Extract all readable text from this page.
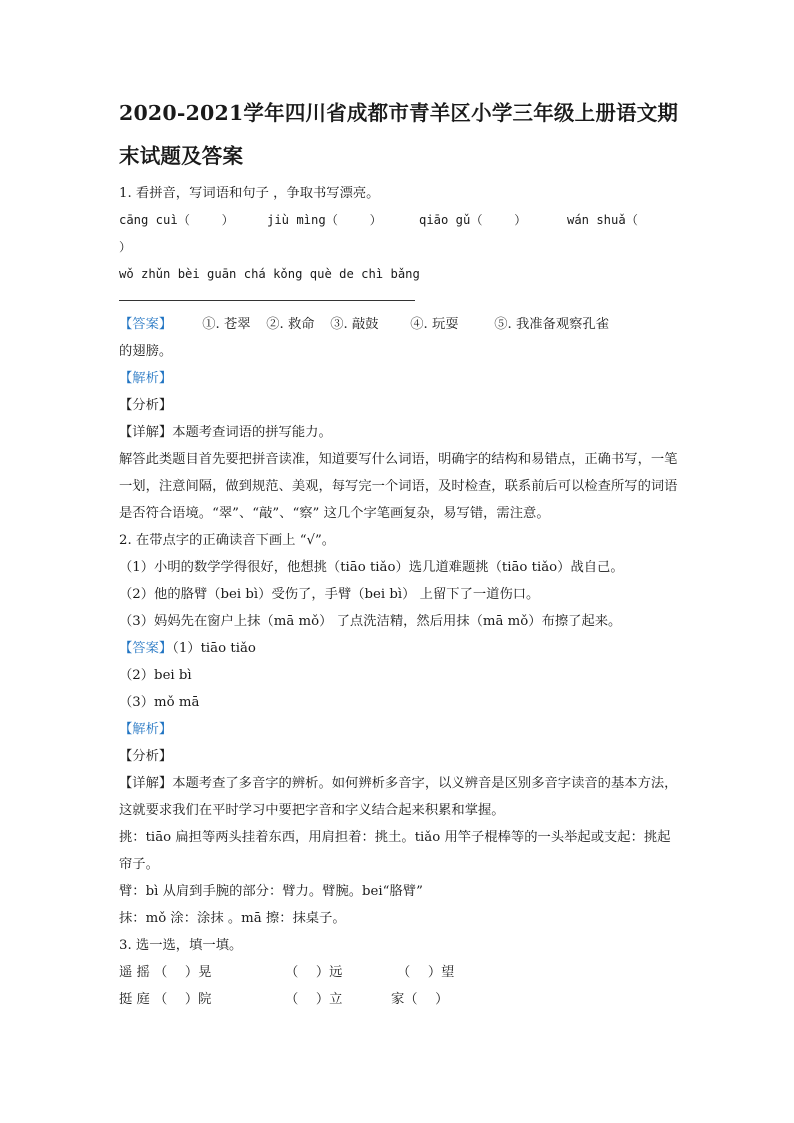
2020-2021学年四川省成都市青羊区小学三年级上册语文期
末试题及答案
1. 看拼音，写词语和句子 ，争取书写漂亮。
cāng cuì（　　 ）	jiù mìng（　　 ）	qiāo gǔ（　　 ）	wán shuǎ（
）
wǒ zhǔn bèi guān chá kǒng què de chì bǎng
【答案】 ①. 苍翠 ②. 救命 ③. 敲鼓 ④. 玩耍	⑤. 我准备观察孔雀
的翅膀。
【解析】
【分析】
【详解】本题考查词语的拼写能力。
解答此类题目首先要把拼音读准，知道要写什么词语，明确字的结构和易错点，正确书写，一笔一划，注意间隔，做到规范、美观，每写完一个词语，及时检查，联系前后可以检查所写的词语是否符合语境。“翠”、“敲”、“察” 这几个字笔画复杂，易写错，需注意。
2. 在带点字的正确读音下画上 “√”。
（1）小明的数学学得很好，他想挑（tiāo tiǎo）选几道难题挑（tiāo tiǎo）战自己。
（2）他的胳臂（bei bì）受伤了，手臂（bei bì） 上留下了一道伤口。
（3）妈妈先在窗户上抹（mā mǒ） 了点洗洁精，然后用抹（mā mǒ）布擦了起来。
【答案】（1）tiāo tiǎo
（2）bei bì
（3）mǒ mā
【解析】
【分析】
【详解】本题考查了多音字的辨析。如何辨析多音字，以义辨音是区别多音字读音的基本方法，这就要求我们在平时学习中要把字音和字义结合起来积累和掌握。
挑：tiāo 扁担等两头挂着东西，用肩担着：挑土。tiǎo 用竿子棍棒等的一头举起或支起：挑起帘子。
臂：bì 从肩到手腕的部分：臂力。臂腕。bei“胳臂”
抹：mǒ 涂：涂抹 。mā 擦：抹桌子。
3. 选一选，填一填。
遥 摇 （　 ）晃	（　 ）远	（　 ）望
挺 庭 （　 ）院	（　 ）立	家（　 ）
